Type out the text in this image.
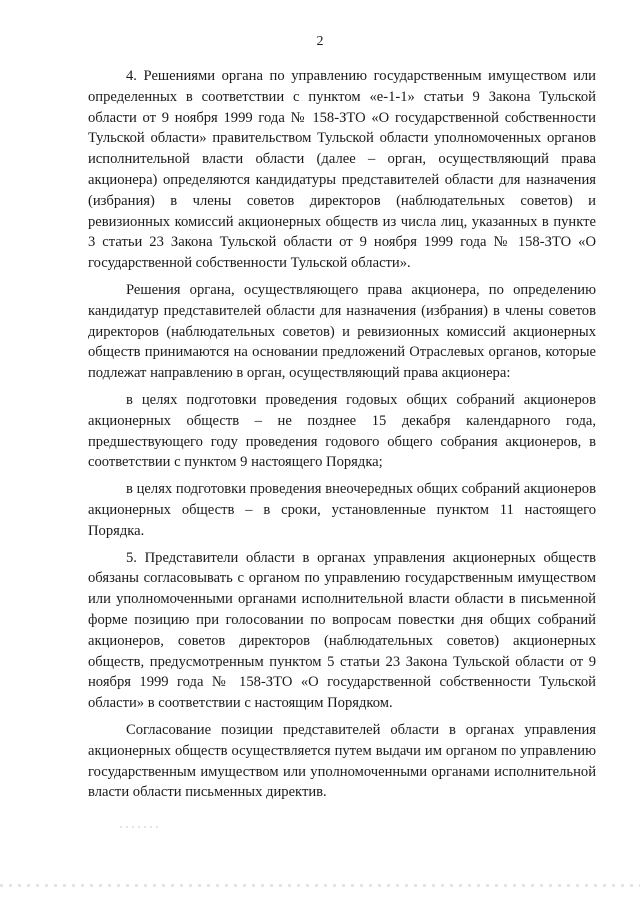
2

4. Решениями органа по управлению государственным имуществом или определенных в соответствии с пунктом «е-1-1» статьи 9 Закона Тульской области от 9 ноября 1999 года № 158-ЗТО «О государственной собственности Тульской области» правительством Тульской области уполномоченных органов исполнительной власти области (далее – орган, осуществляющий права акционера) определяются кандидатуры представителей области для назначения (избрания) в члены советов директоров (наблюдательных советов) и ревизионных комиссий акционерных обществ из числа лиц, указанных в пункте 3 статьи 23 Закона Тульской области от 9 ноября 1999 года № 158-ЗТО «О государственной собственности Тульской области».

Решения органа, осуществляющего права акционера, по определению кандидатур представителей области для назначения (избрания) в члены советов директоров (наблюдательных советов) и ревизионных комиссий акционерных обществ принимаются на основании предложений Отраслевых органов, которые подлежат направлению в орган, осуществляющий права акционера:

в целях подготовки проведения годовых общих собраний акционеров акционерных обществ – не позднее 15 декабря календарного года, предшествующего году проведения годового общего собрания акционеров, в соответствии с пунктом 9 настоящего Порядка;

в целях подготовки проведения внеочередных общих собраний акционеров акционерных обществ – в сроки, установленные пунктом 11 настоящего Порядка.

5. Представители области в органах управления акционерных обществ обязаны согласовывать с органом по управлению государственным имуществом или уполномоченными органами исполнительной власти области в письменной форме позицию при голосовании по вопросам повестки дня общих собраний акционеров, советов директоров (наблюдательных советов) акционерных обществ, предусмотренным пунктом 5 статьи 23 Закона Тульской области от 9 ноября 1999 года № 158-ЗТО «О государственной собственности Тульской области» в соответствии с настоящим Порядком.

Согласование позиции представителей области в органах управления акционерных обществ осуществляется путем выдачи им органом по управлению государственным имуществом или уполномоченными органами исполнительной власти области письменных директив.
